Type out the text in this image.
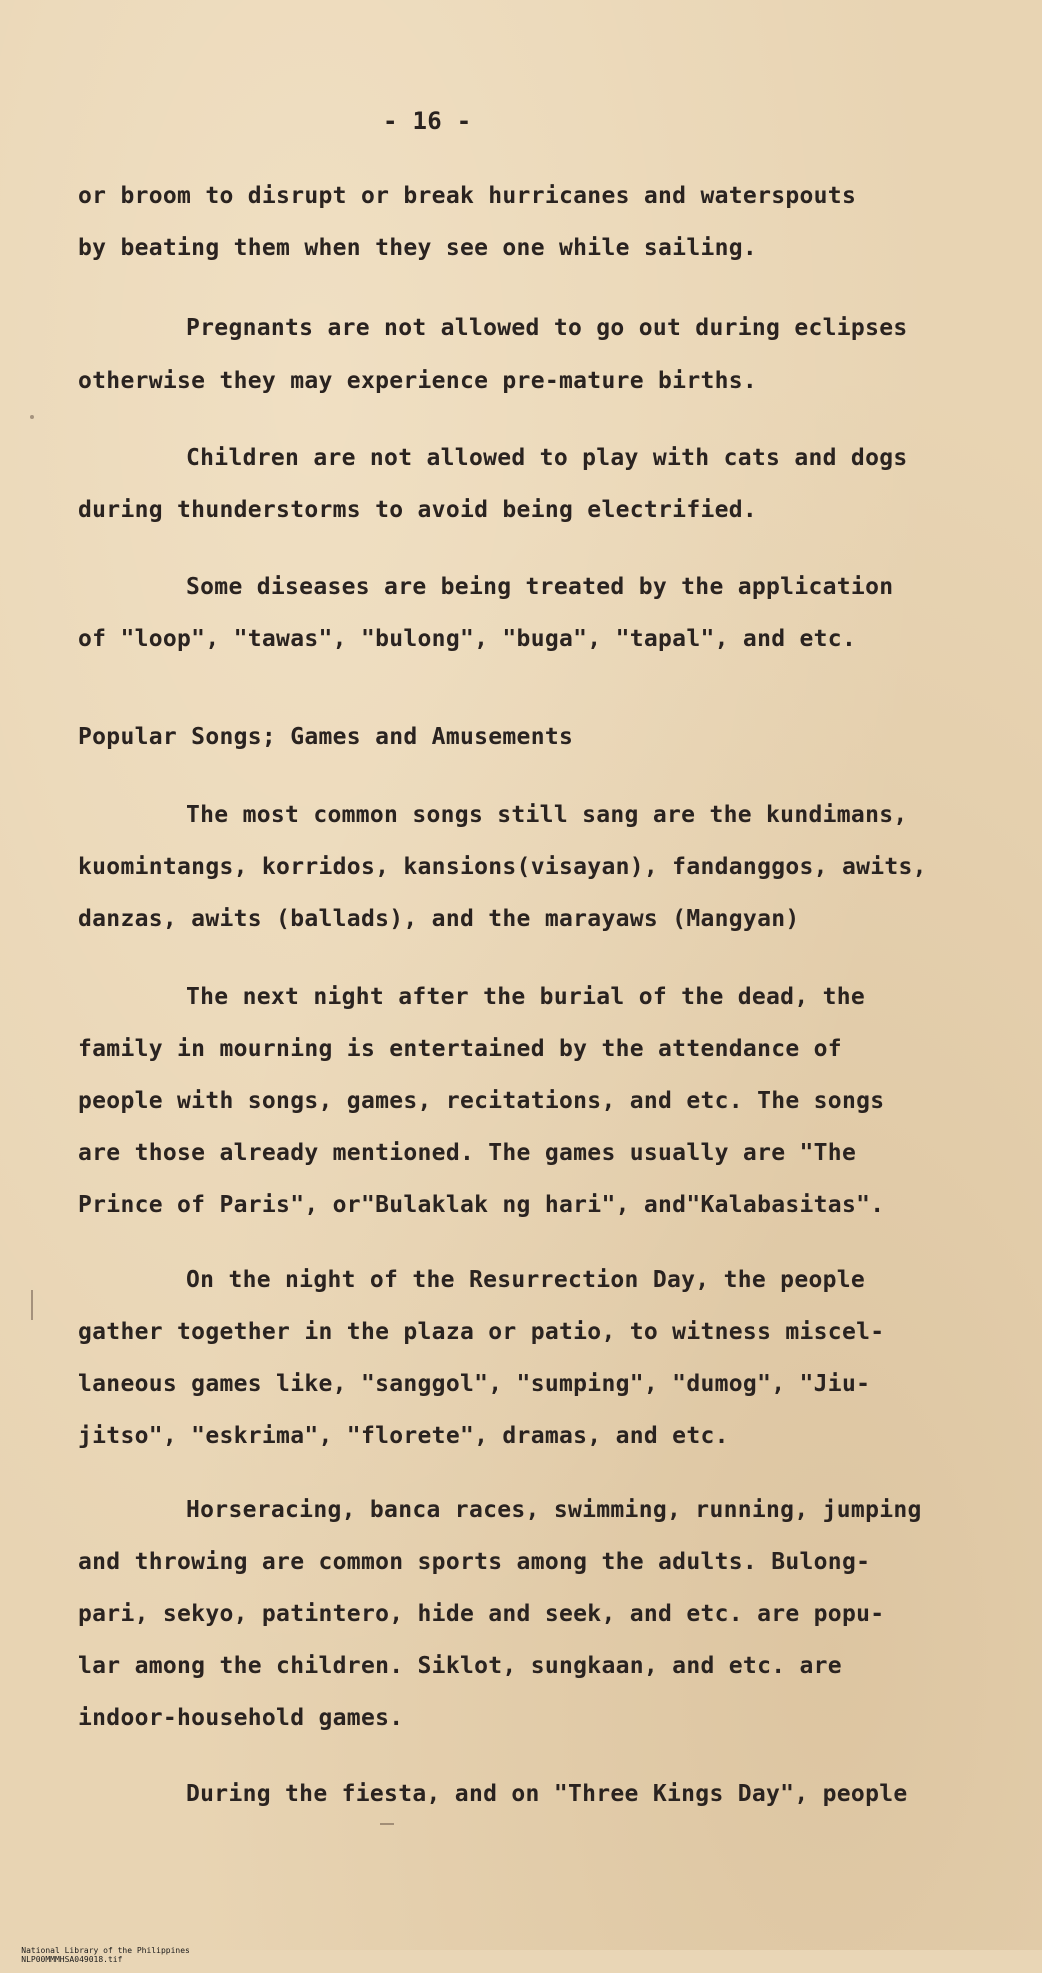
- 16 -
or broom to disrupt or break hurricanes and waterspouts
by beating them when they see one while sailing.
Pregnants are not allowed to go out during eclipses
otherwise they may experience pre-mature births.
Children are not allowed to play with cats and dogs
during thunderstorms to avoid being electrified.
Some diseases are being treated by the application
of "loop", "tawas", "bulong", "buga", "tapal", and etc.
Popular Songs; Games and Amusements
The most common songs still sang are the kundimans,
kuomintangs, korridos, kansions(visayan), fandanggos, awits,
danzas, awits (ballads), and the marayaws (Mangyan)
The next night after the burial of the dead, the
family in mourning is entertained by the attendance of
people with songs, games, recitations, and etc. The songs
are those already mentioned. The games usually are "The
Prince of Paris", or"Bulaklak ng hari", and"Kalabasitas".
On the night of the Resurrection Day, the people
gather together in the plaza or patio, to witness miscel-
laneous games like, "sanggol", "sumping", "dumog", "Jiu-
jitso", "eskrima", "florete", dramas, and etc.
Horseracing, banca races, swimming, running, jumping
and throwing are common sports among the adults. Bulong-
pari, sekyo, patintero, hide and seek, and etc. are popu-
lar among the children. Siklot, sungkaan, and etc. are
indoor-household games.
During the fiesta, and on "Three Kings Day", people

National Library of the Philippines
NLP00MMMHSA049018.tif
